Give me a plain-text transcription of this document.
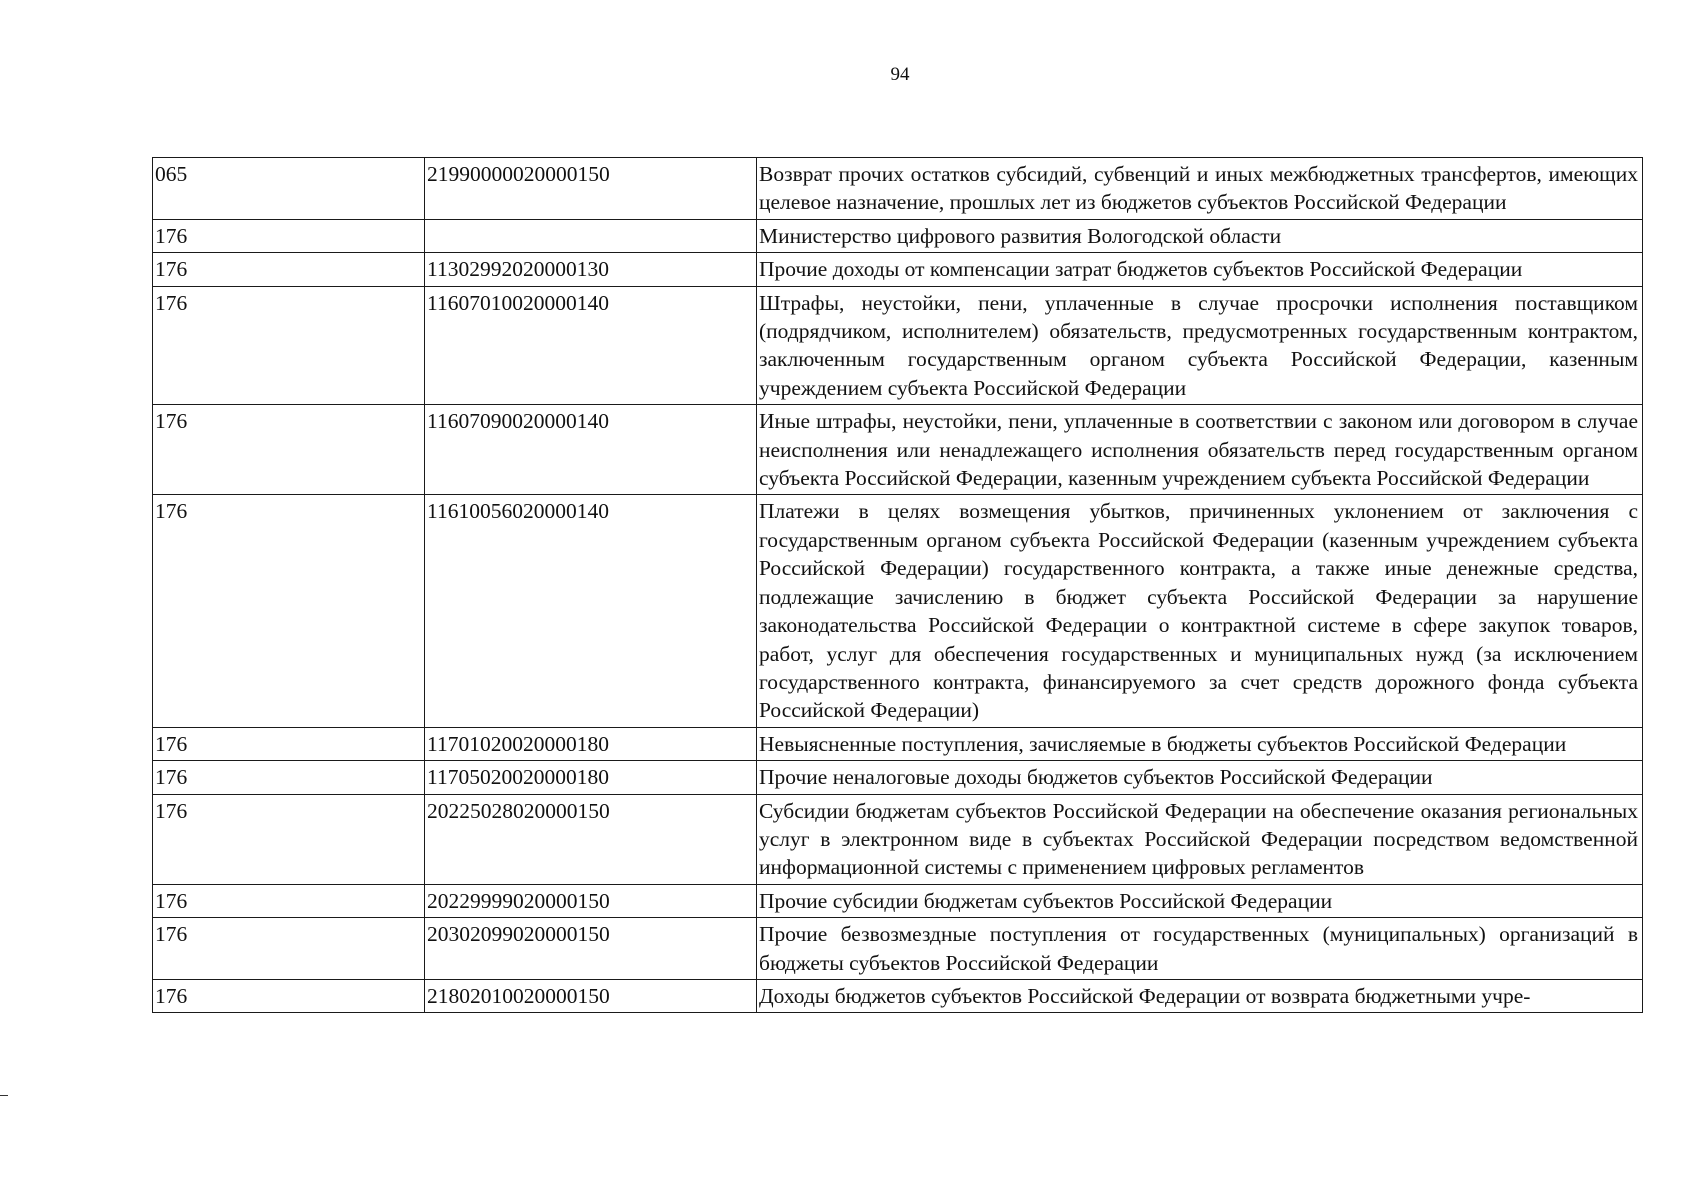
94
065	21990000020000150	Возврат прочих остатков субсидий, субвенций и иных межбюджетных трансфертов, имеющих целевое назначение, прошлых лет из бюджетов субъектов Российской Федерации
176		Министерство цифрового развития Вологодской области
176	11302992020000130	Прочие доходы от компенсации затрат бюджетов субъектов Российской Федерации
176	11607010020000140	Штрафы, неустойки, пени, уплаченные в случае просрочки исполнения поставщиком (подрядчиком, исполнителем) обязательств, предусмотренных государственным контрактом, заключенным государственным органом субъекта Российской Федерации, казенным учреждением субъекта Российской Федерации
176	11607090020000140	Иные штрафы, неустойки, пени, уплаченные в соответствии с законом или договором в случае неисполнения или ненадлежащего исполнения обязательств перед государственным органом субъекта Российской Федерации, казенным учреждением субъекта Российской Федерации
176	11610056020000140	Платежи в целях возмещения убытков, причиненных уклонением от заключения с государственным органом субъекта Российской Федерации (казенным учреждением субъекта Российской Федерации) государственного контракта, а также иные денежные средства, подлежащие зачислению в бюджет субъекта Российской Федерации за нарушение законодательства Российской Федерации о контрактной системе в сфере закупок товаров, работ, услуг для обеспечения государственных и муниципальных нужд (за исключением государственного контракта, финансируемого за счет средств дорожного фонда субъекта Российской Федерации)
176	11701020020000180	Невыясненные поступления, зачисляемые в бюджеты субъектов Российской Федерации
176	11705020020000180	Прочие неналоговые доходы бюджетов субъектов Российской Федерации
176	20225028020000150	Субсидии бюджетам субъектов Российской Федерации на обеспечение оказания региональных услуг в электронном виде в субъектах Российской Федерации посредством ведомственной информационной системы с применением цифровых регламентов
176	20229999020000150	Прочие субсидии бюджетам субъектов Российской Федерации
176	20302099020000150	Прочие безвозмездные поступления от государственных (муниципальных) организаций в бюджеты субъектов Российской Федерации
176	21802010020000150	Доходы бюджетов субъектов Российской Федерации от возврата бюджетными учре-
